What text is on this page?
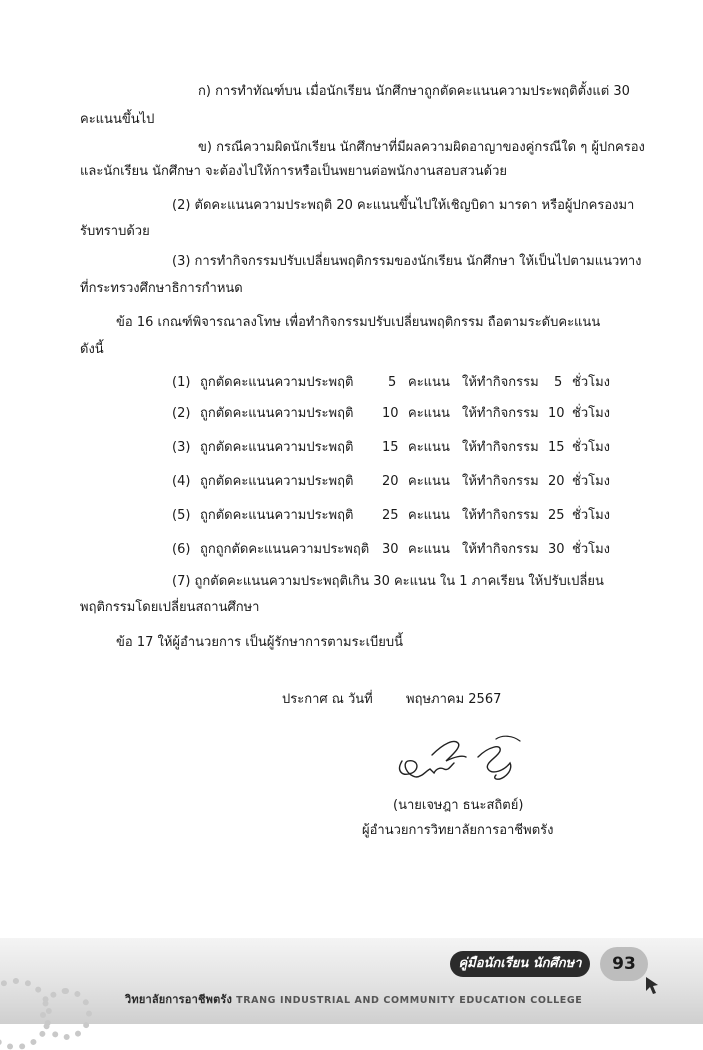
ก) การทำทัณฑ์บน เมื่อนักเรียน นักศึกษาถูกตัดคะแนนความประพฤติตั้งแต่ 30
คะแนนขึ้นไป
ข) กรณีความผิดนักเรียน นักศึกษาที่มีผลความผิดอาญาของคู่กรณีใด ๆ ผู้ปกครอง
และนักเรียน นักศึกษา จะต้องไปให้การหรือเป็นพยานต่อพนักงานสอบสวนด้วย
(2) ตัดคะแนนความประพฤติ 20 คะแนนขึ้นไปให้เชิญบิดา มารดา หรือผู้ปกครองมา
รับทราบด้วย
(3) การทำกิจกรรมปรับเปลี่ยนพฤติกรรมของนักเรียน นักศึกษา ให้เป็นไปตามแนวทาง
ที่กระทรวงศึกษาธิการกำหนด
ข้อ 16 เกณฑ์พิจารณาลงโทษ เพื่อทำกิจกรรมปรับเปลี่ยนพฤติกรรม ถือตามระดับคะแนน
ดังนี้
(1) ถูกตัดคะแนนความประพฤติ	5 คะแนน ให้ทำกิจกรรม 5 ชั่วโมง
(2) ถูกตัดคะแนนความประพฤติ 10 คะแนน ให้ทำกิจกรรม 10 ชั่วโมง
(3) ถูกตัดคะแนนความประพฤติ 15 คะแนน ให้ทำกิจกรรม 15 ชั่วโมง
(4) ถูกตัดคะแนนความประพฤติ 20 คะแนน ให้ทำกิจกรรม 20 ชั่วโมง
(5) ถูกตัดคะแนนความประพฤติ 25 คะแนน ให้ทำกิจกรรม 25 ชั่วโมง
(6) ถูกถูกตัดคะแนนความประพฤติ 30 คะแนน ให้ทำกิจกรรม 30 ชั่วโมง
(7) ถูกตัดคะแนนความประพฤติเกิน 30 คะแนน ใน 1 ภาคเรียน ให้ปรับเปลี่ยน
พฤติกรรมโดยเปลี่ยนสถานศึกษา
ข้อ 17 ให้ผู้อำนวยการ เป็นผู้รักษาการตามระเบียบนี้
ประกาศ ณ วันที่	พฤษภาคม 2567
(นายเจษฎา ธนะสถิตย์)
ผู้อำนวยการวิทยาลัยการอาชีพตรัง
คู่มือนักเรียน นักศึกษา	93
วิทยาลัยการอาชีพตรัง TRANG INDUSTRIAL AND COMMUNITY EDUCATION COLLEGE
